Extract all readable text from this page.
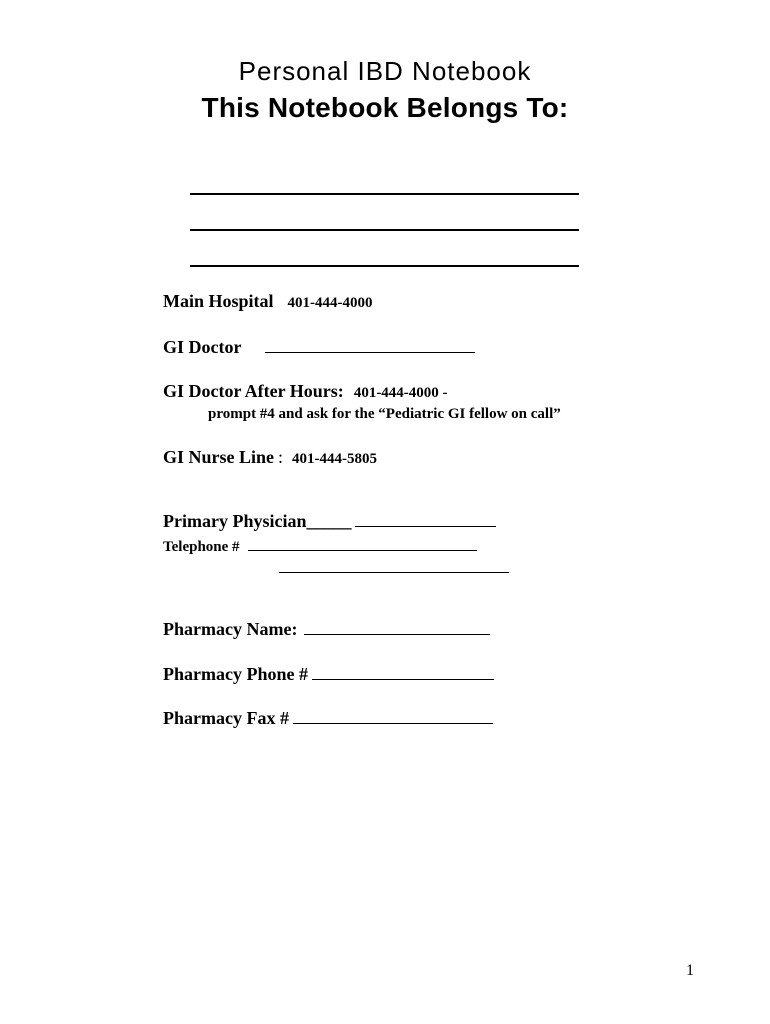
Personal IBD Notebook
This Notebook Belongs To:
Main Hospital 401-444-4000
GI Doctor
GI Doctor After Hours: 401-444-4000 -
prompt #4 and ask for the “Pediatric GI fellow on call”
GI Nurse Line : 401-444-5805
Primary Physician_____
Telephone #
Pharmacy Name:
Pharmacy Phone #
Pharmacy Fax #
1
